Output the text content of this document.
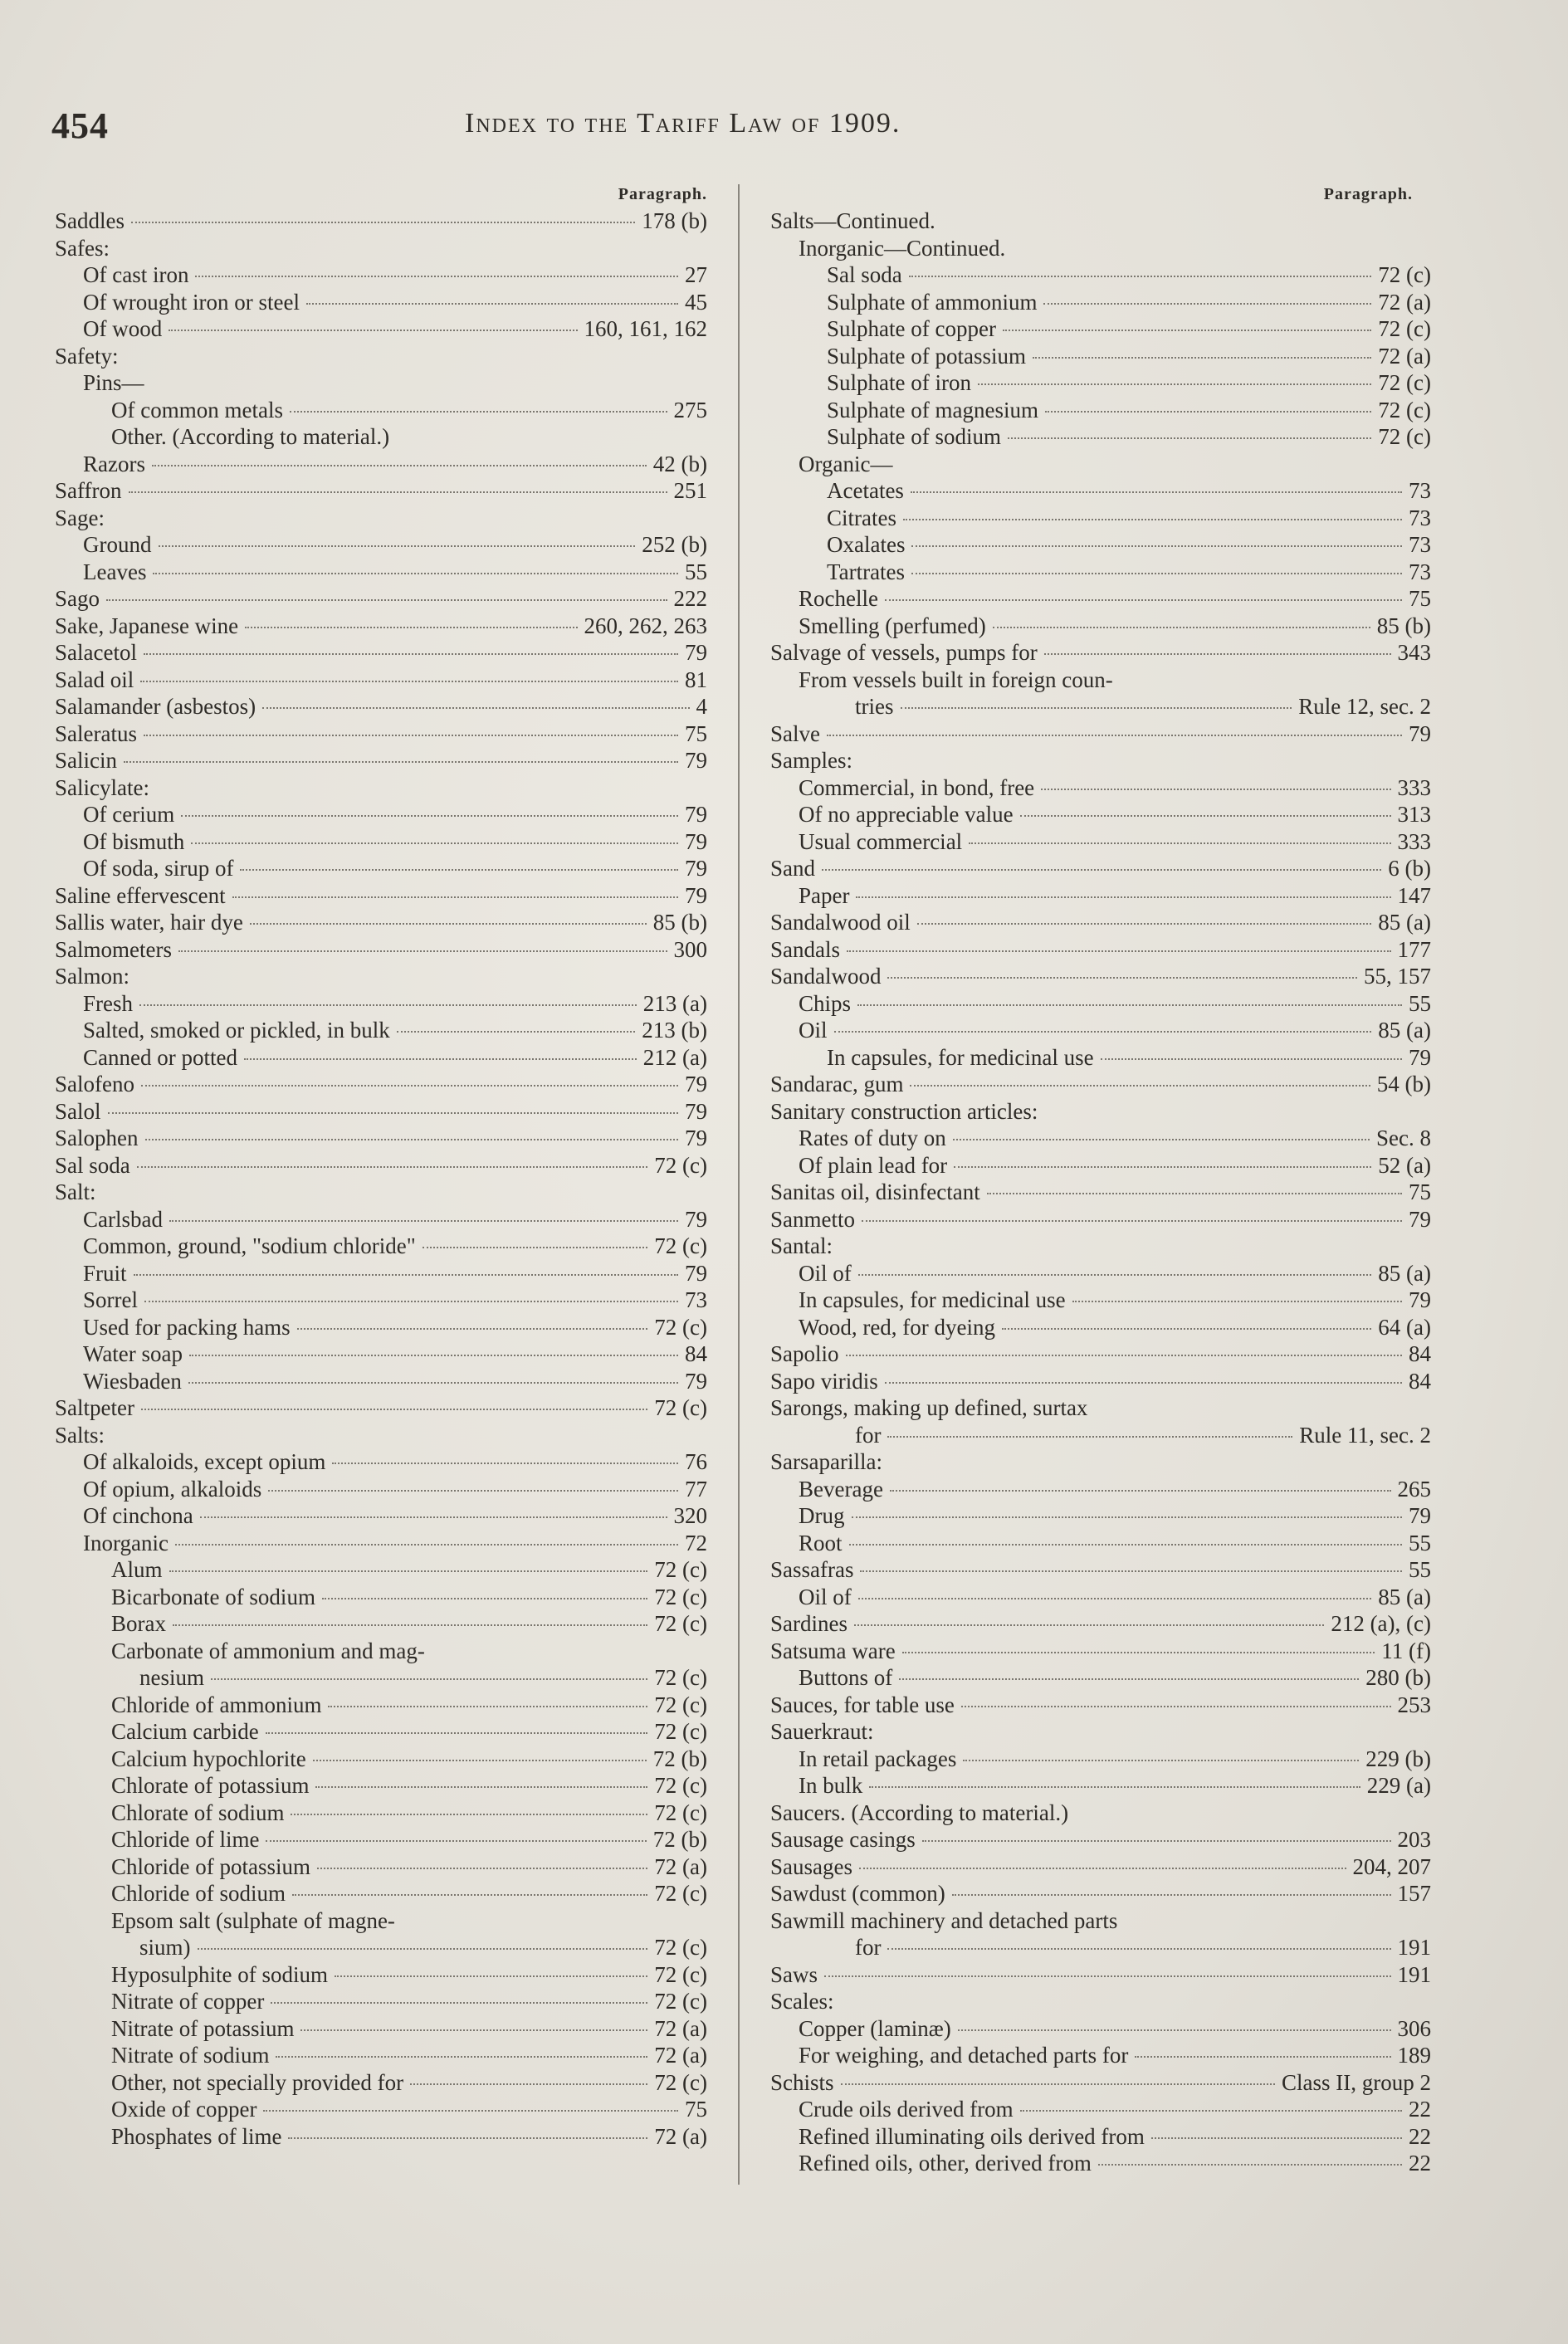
454	Index to the Tariff Law of 1909.
Paragraph.
Saddles	178 (b)
Safes:
Of cast iron	27
Of wrought iron or steel	45
Of wood	160, 161, 162
Safety:
Pins—
Of common metals	275
Other. (According to material.)
Razors	42 (b)
Saffron	251
Sage:
Ground	252 (b)
Leaves	55
Sago	222
Sake, Japanese wine	260, 262, 263
Salacetol	79
Salad oil	81
Salamander (asbestos)	4
Saleratus	75
Salicin	79
Salicylate:
Of cerium	79
Of bismuth	79
Of soda, sirup of	79
Saline effervescent	79
Sallis water, hair dye	85 (b)
Salmometers	300
Salmon:
Fresh	213 (a)
Salted, smoked or pickled, in bulk	213 (b)
Canned or potted	212 (a)
Salofeno	79
Salol	79
Salophen	79
Sal soda	72 (c)
Salt:
Carlsbad	79
Common, ground, "sodium chloride"	72 (c)
Fruit	79
Sorrel	73
Used for packing hams	72 (c)
Water soap	84
Wiesbaden	79
Saltpeter	72 (c)
Salts:
Of alkaloids, except opium	76
Of opium, alkaloids	77
Of cinchona	320
Inorganic	72
Alum	72 (c)
Bicarbonate of sodium	72 (c)
Borax	72 (c)
Carbonate of ammonium and mag-
nesium	72 (c)
Chloride of ammonium	72 (c)
Calcium carbide	72 (c)
Calcium hypochlorite	72 (b)
Chlorate of potassium	72 (c)
Chlorate of sodium	72 (c)
Chloride of lime	72 (b)
Chloride of potassium	72 (a)
Chloride of sodium	72 (c)
Epsom salt (sulphate of magne-
sium)	72 (c)
Hyposulphite of sodium	72 (c)
Nitrate of copper	72 (c)
Nitrate of potassium	72 (a)
Nitrate of sodium	72 (a)
Other, not specially provided for	72 (c)
Oxide of copper	75
Phosphates of lime	72 (a)
Paragraph.
Salts—Continued.
Inorganic—Continued.
Sal soda	72 (c)
Sulphate of ammonium	72 (a)
Sulphate of copper	72 (c)
Sulphate of potassium	72 (a)
Sulphate of iron	72 (c)
Sulphate of magnesium	72 (c)
Sulphate of sodium	72 (c)
Organic—
Acetates	73
Citrates	73
Oxalates	73
Tartrates	73
Rochelle	75
Smelling (perfumed)	85 (b)
Salvage of vessels, pumps for	343
From vessels built in foreign coun-
tries	Rule 12, sec. 2
Salve	79
Samples:
Commercial, in bond, free	333
Of no appreciable value	313
Usual commercial	333
Sand	6 (b)
Paper	147
Sandalwood oil	85 (a)
Sandals	177
Sandalwood	55, 157
Chips	55
Oil	85 (a)
In capsules, for medicinal use	79
Sandarac, gum	54 (b)
Sanitary construction articles:
Rates of duty on	Sec. 8
Of plain lead for	52 (a)
Sanitas oil, disinfectant	75
Sanmetto	79
Santal:
Oil of	85 (a)
In capsules, for medicinal use	79
Wood, red, for dyeing	64 (a)
Sapolio	84
Sapo viridis	84
Sarongs, making up defined, surtax
for	Rule 11, sec. 2
Sarsaparilla:
Beverage	265
Drug	79
Root	55
Sassafras	55
Oil of	85 (a)
Sardines	212 (a), (c)
Satsuma ware	11 (f)
Buttons of	280 (b)
Sauces, for table use	253
Sauerkraut:
In retail packages	229 (b)
In bulk	229 (a)
Saucers. (According to material.)
Sausage casings	203
Sausages	204, 207
Sawdust (common)	157
Sawmill machinery and detached parts
for	191
Saws	191
Scales:
Copper (laminæ)	306
For weighing, and detached parts for	189
Schists	Class II, group 2
Crude oils derived from	22
Refined illuminating oils derived from	22
Refined oils, other, derived from	22
